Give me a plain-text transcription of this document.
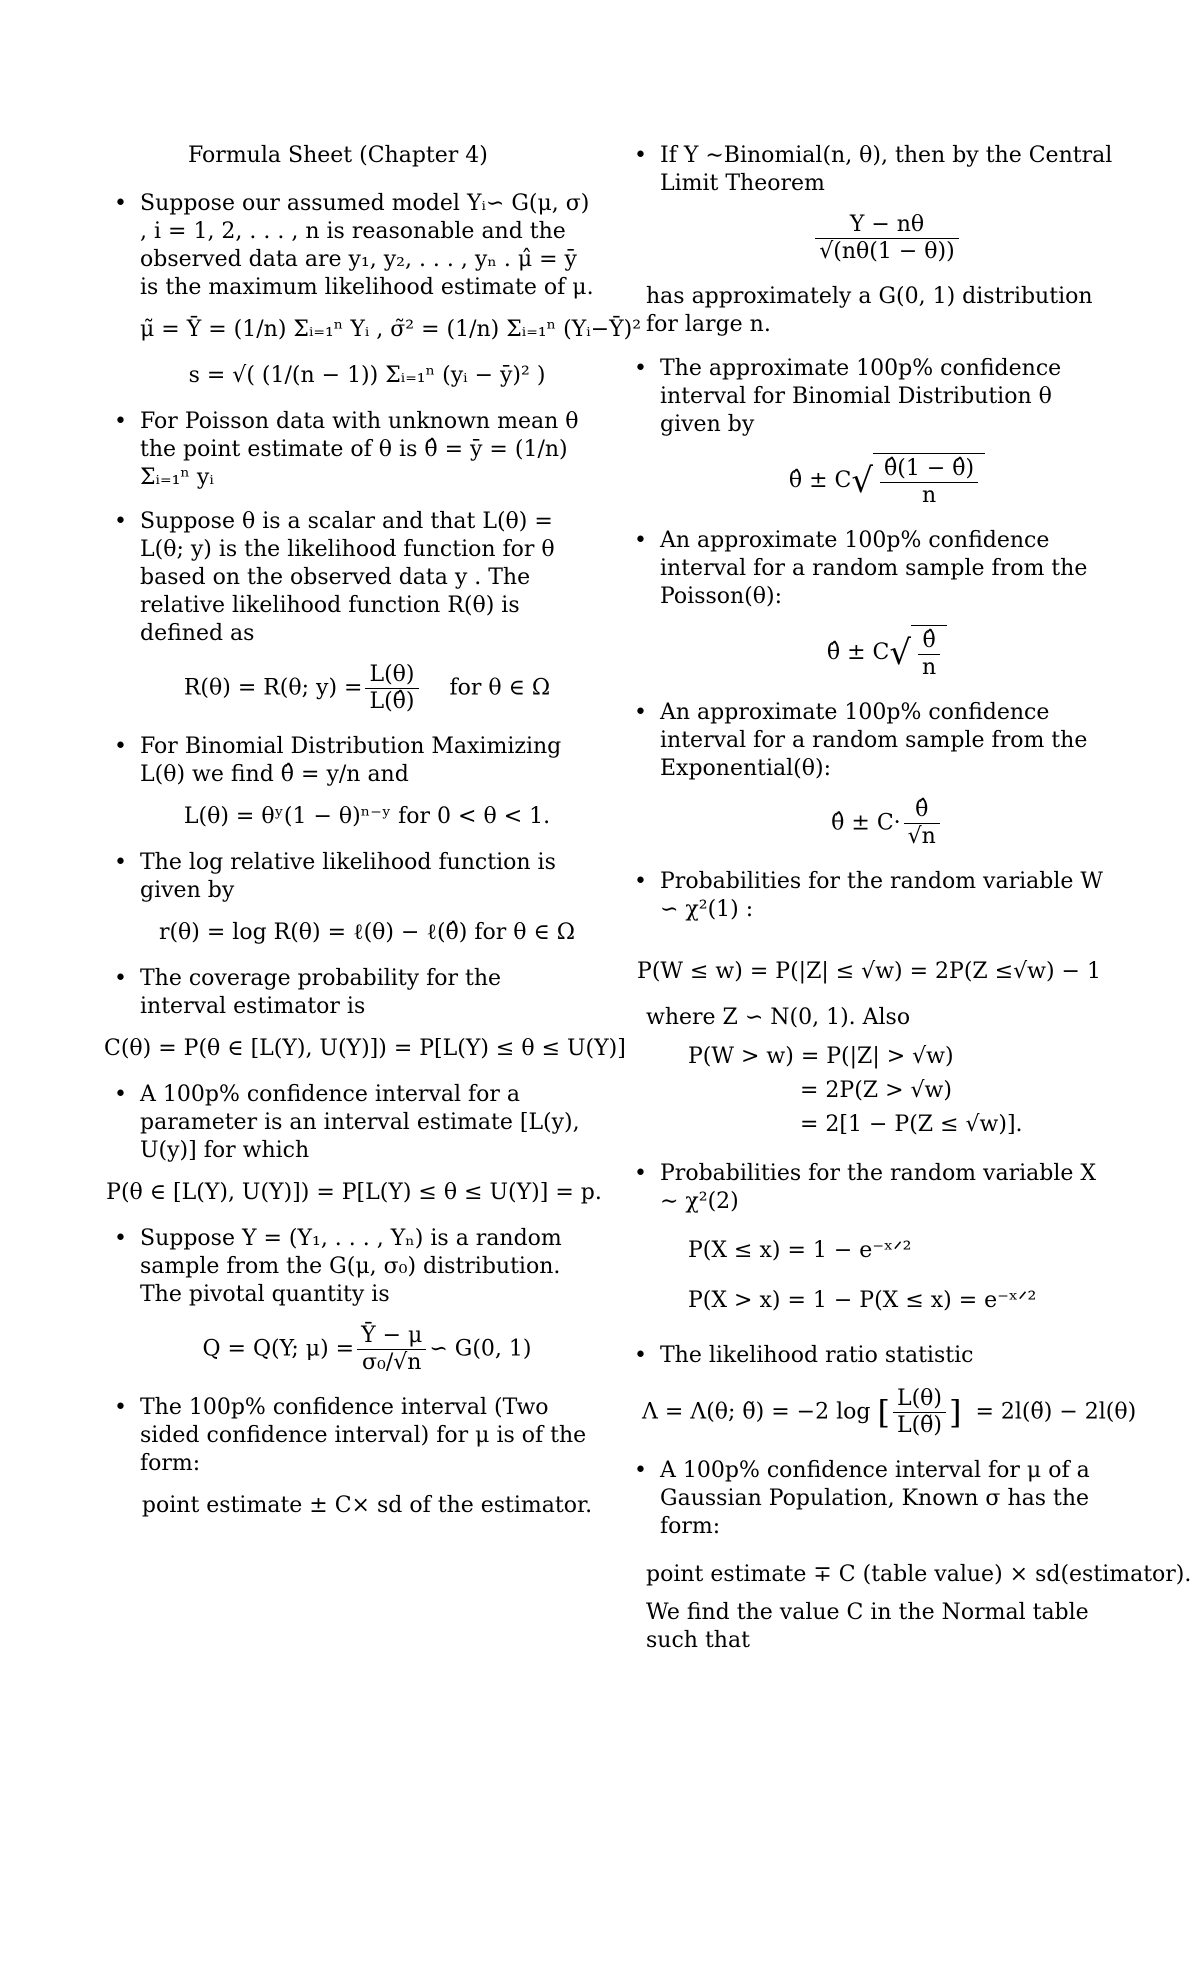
Formula Sheet (Chapter 4)

• Suppose our assumed model Yᵢ∽ G(μ, σ) , i = 1, 2, . . . , n is reasonable and the observed data are y₁, y₂, . . . , yₙ . μ̂ = ȳ is the maximum likelihood estimate of μ.

μ̃ = Ȳ = (1/n) Σᵢ₌₁ⁿ Yᵢ , σ̃² = (1/n) Σᵢ₌₁ⁿ (Yᵢ−Ȳ)²
s = √( (1/(n − 1)) Σᵢ₌₁ⁿ (yᵢ − ȳ)² )

• For Poisson data with unknown mean θ the point estimate of θ is θ̂ = ȳ = (1/n) Σᵢ₌₁ⁿ yᵢ

• Suppose θ is a scalar and that L(θ) = L(θ; y) is the likelihood function for θ based on the observed data y . The relative likelihood function R(θ) is defined as

R(θ) = R(θ; $y) = \frac{L(\theta)}{L(\thetâ)}$ for θ ∈ Ω

• For Binomial Distribution Maximizing L(θ) we find θ̂ = y/n and

L(θ) = θʸ(1 − θ)ⁿ⁻ʸ for 0 < θ < 1.

• The log relative likelihood function is given by

r(θ) = log R(θ) = ℓ(θ) − ℓ(θ̂) for θ ∈ Ω

• The coverage probability for the interval estimator is

C(θ) = P(θ ∈ [L(Y), U(Y)]) = P[L(Y) ≤ θ ≤ U(Y)]

• A 100p% confidence interval for a parameter is an interval estimate [L(y), U(y)] for which

P(θ ∈ [L(Y), U(Y)]) = P[L(Y) ≤ θ ≤ U(Y)] = p.

• Suppose Y = (Y₁, . . . , Yₙ) is a random sample from the G(μ, σ₀) distribution. The pivotal quantity is

Q = Q(Y; $\mu) = \frac{Ȳ - \mu}{\text{σ₀/√n}}$ ∽ G(0, 1)

• The 100p% confidence interval (Two sided confidence interval) for μ is of the form:

point estimate ± C× sd of the estimator.

• If Y ∼Binomial(n, θ), then by the Central Limit Theorem

$\frac{Y - n\theta}{√(n\theta(1 - \theta))}$

has approximately a G(0, 1) distribution for large n.

• The approximate 100p% confidence interval for Binomial Distribution θ given by

θ̂ ± $C√ \frac{\thetâ(1 - \thetâ)}{n}$

• An approximate 100p% confidence interval for a random sample from the Poisson(θ):

θ̂ ± $C√ \frac{\thetâ}{n}$

• An approximate 100p% confidence interval for a random sample from the Exponential(θ):

θ̂ ± $C\cdot \frac{\thetâ}{√n}$

• Probabilities for the random variable W ∽ χ²(1) :

P(W ≤ w) = P(|Z| ≤ √w) = 2P(Z ≤√w) − 1

where Z ∽ N(0, 1). Also

P(W > w) = P(|Z| > √w)
= 2P(Z > √w)
= 2[1 − P(Z ≤ √w)].

• Probabilities for the random variable X ∼ χ²(2)

P(X ≤ x) = 1 − e⁻ˣᐟ²
P(X > x) = 1 − P(X ≤ x) = e⁻ˣᐟ²

• The likelihood ratio statistic

Λ = Λ(θ; θ̃) = −2 log [ $\frac{L(\theta)}{L(\thetã)}$ ] = 2l(θ̃) − 2l(θ)

• A 100p% confidence interval for μ of a Gaussian Population, Known σ has the form:

point estimate ∓ C (table value) × sd(estimator).

We find the value C in the Normal table such that
